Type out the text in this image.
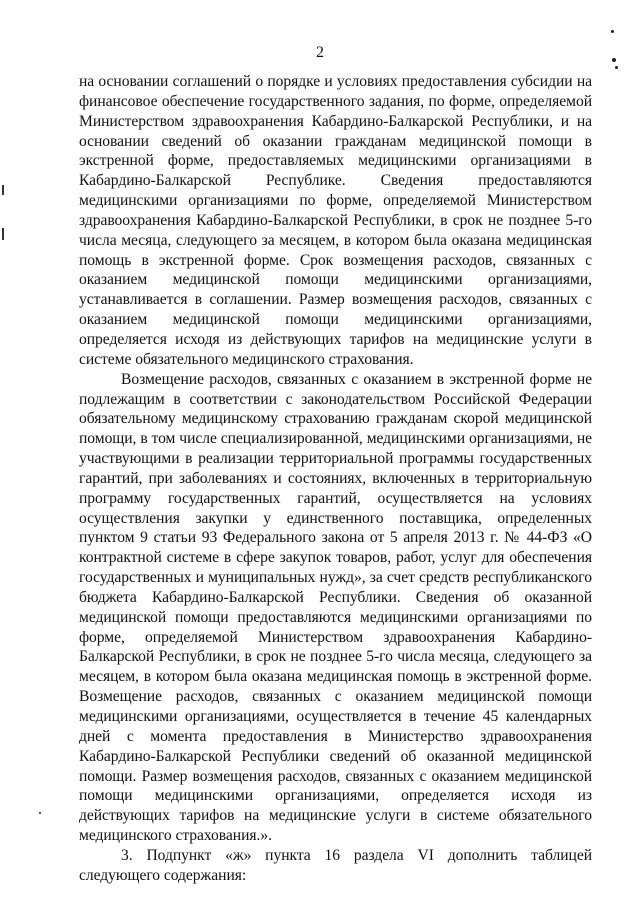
2

на основании соглашений о порядке и условиях предоставления субсидии на финансовое обеспечение государственного задания, по форме, определяемой Министерством здравоохранения Кабардино-Балкарской Республики, и на основании сведений об оказании гражданам медицинской помощи в экстренной форме, предоставляемых медицинскими организациями в Кабардино-Балкарской Республике. Сведения предоставляются медицинскими организациями по форме, определяемой Министерством здравоохранения Кабардино-Балкарской Республики, в срок не позднее 5-го числа месяца, следующего за месяцем, в котором была оказана медицинская помощь в экстренной форме. Срок возмещения расходов, связанных с оказанием медицинской помощи медицинскими организациями, устанавливается в соглашении. Размер возмещения расходов, связанных с оказанием медицинской помощи медицинскими организациями, определяется исходя из действующих тарифов на медицинские услуги в системе обязательного медицинского страхования.

Возмещение расходов, связанных с оказанием в экстренной форме не подлежащим в соответствии с законодательством Российской Федерации обязательному медицинскому страхованию гражданам скорой медицинской помощи, в том числе специализированной, медицинскими организациями, не участвующими в реализации территориальной программы государственных гарантий, при заболеваниях и состояниях, включенных в территориальную программу государственных гарантий, осуществляется на условиях осуществления закупки у единственного поставщика, определенных пунктом 9 статьи 93 Федерального закона от 5 апреля 2013 г. № 44-ФЗ «О контрактной системе в сфере закупок товаров, работ, услуг для обеспечения государственных и муниципальных нужд», за счет средств республиканского бюджета Кабардино-Балкарской Республики. Сведения об оказанной медицинской помощи предоставляются медицинскими организациями по форме, определяемой Министерством здравоохранения Кабардино-Балкарской Республики, в срок не позднее 5-го числа месяца, следующего за месяцем, в котором была оказана медицинская помощь в экстренной форме. Возмещение расходов, связанных с оказанием медицинской помощи медицинскими организациями, осуществляется в течение 45 календарных дней с момента предоставления в Министерство здравоохранения Кабардино-Балкарской Республики сведений об оказанной медицинской помощи. Размер возмещения расходов, связанных с оказанием медицинской помощи медицинскими организациями, определяется исходя из действующих тарифов на медицинские услуги в системе обязательного медицинского страхования.».

3. Подпункт «ж» пункта 16 раздела VI дополнить таблицей следующего содержания:
